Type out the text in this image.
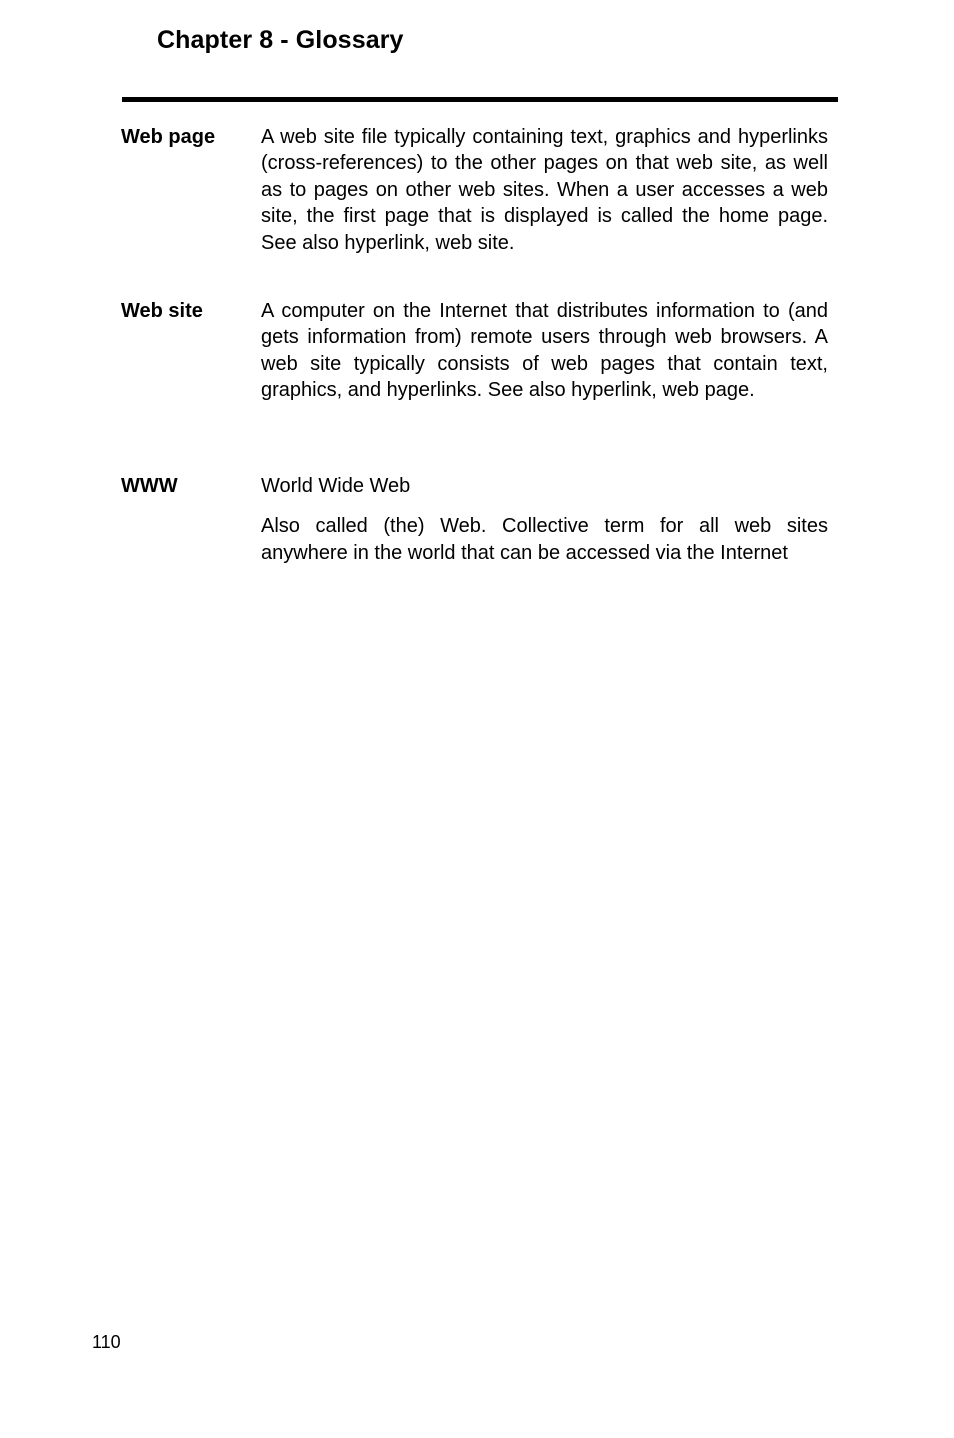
Chapter 8 - Glossary
Web page A web site file typically containing text, graphics and hyperlinks (cross-references) to the other pages on that web site, as well as to pages on other web sites. When a user accesses a web site, the first page that is displayed is called the home page. See also hyperlink, web site.

Web site	A computer on the Internet that distributes information to (and gets information from) remote users through web browsers. A web site typically consists of web pages that contain text, graphics, and hyperlinks. See also hyperlink, web page.

WWW	World Wide Web

Also called (the) Web. Collective term for all web sites anywhere in the world that can be accessed via the Internet

110
